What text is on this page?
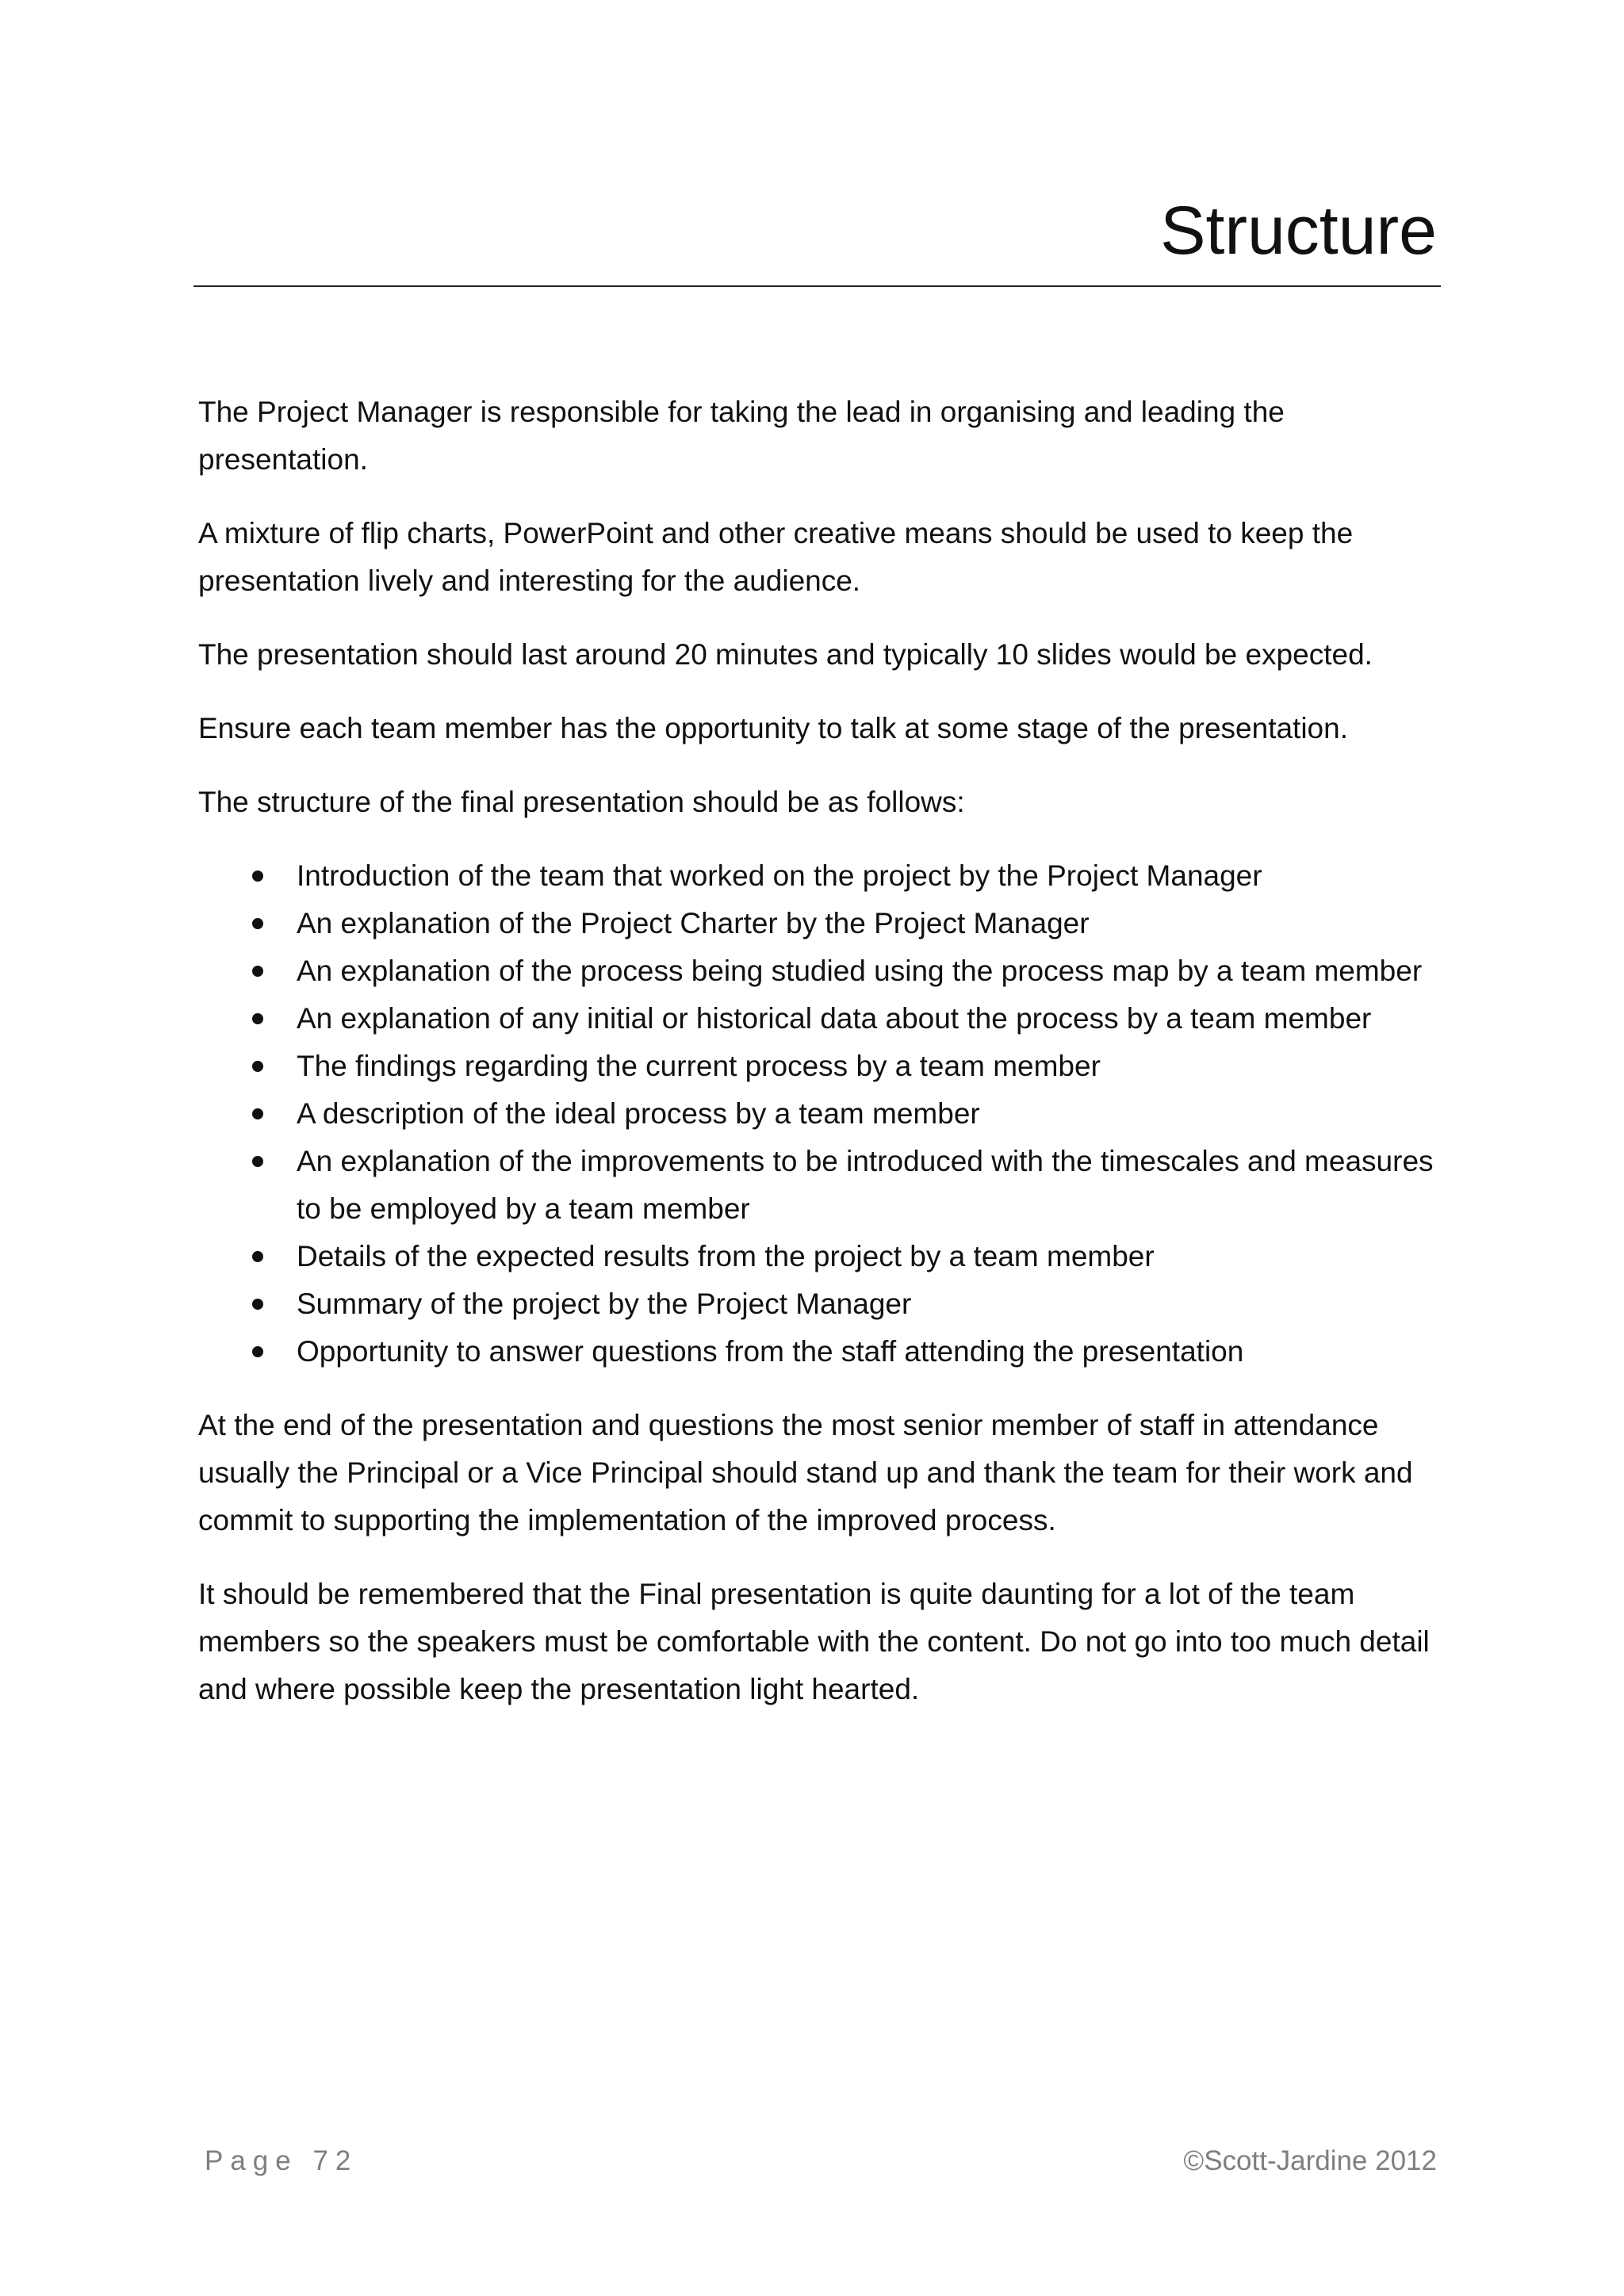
Structure

The Project Manager is responsible for taking the lead in organising and leading the presentation.

A mixture of flip charts, PowerPoint and other creative means should be used to keep the presentation lively and interesting for the audience.

The presentation should last around 20 minutes and typically 10 slides would be expected.

Ensure each team member has the opportunity to talk at some stage of the presentation.

The structure of the final presentation should be as follows:

Introduction of the team that worked on the project by the Project Manager
An explanation of the Project Charter by the Project Manager
An explanation of the process being studied using the process map by a team member
An explanation of any initial or historical data about the process by a team member
The findings regarding the current process by a team member
A description of the ideal process by a team member
An explanation of the improvements to be introduced with the timescales and measures to be employed by a team member
Details of the expected results from the project by a team member
Summary of the project by the Project Manager
Opportunity to answer questions from the staff attending the presentation

At the end of the presentation and questions the most senior member of staff in attendance usually the Principal or a Vice Principal should stand up and thank the team for their work and commit to supporting the implementation of the improved process.

It should be remembered that the Final presentation is quite daunting for a lot of the team members so the speakers must be comfortable with the content. Do not go into too much detail and where possible keep the presentation light hearted.

Page 72	©Scott-Jardine 2012
